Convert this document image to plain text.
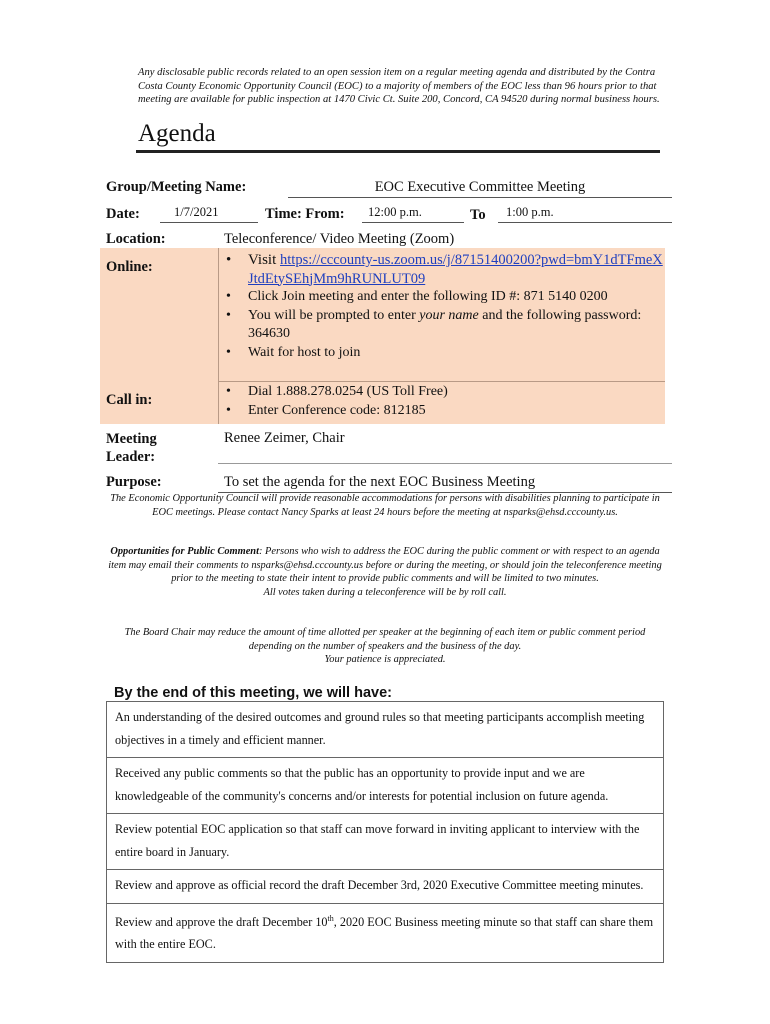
Any disclosable public records related to an open session item on a regular meeting agenda and distributed by the Contra Costa County Economic Opportunity Council (EOC) to a majority of members of the EOC less than 96 hours prior to that meeting are available for public inspection at 1470 Civic Ct. Suite 200, Concord, CA 94520 during normal business hours.
Agenda
Group/Meeting Name:	EOC Executive Committee Meeting
Date:	1/7/2021	Time: From:	12:00 p.m.	To	1:00 p.m.
Location:	Teleconference/ Video Meeting (Zoom)
Online:
•	Visit https://cccounty-us.zoom.us/j/87151400200?pwd=bmY1dTFmeXJtdEtySEhjMm9hRUNLUT09
• Click Join meeting and enter the following ID #: 871 5140 0200
• You will be prompted to enter your name and the following password: 364630
• Wait for host to join
Call in:
• Dial 1.888.278.0254 (US Toll Free)
• Enter Conference code: 812185
Meeting Leader:
Renee Zeimer, Chair
Purpose:	To set the agenda for the next EOC Business Meeting
The Economic Opportunity Council will provide reasonable accommodations for persons with disabilities planning to participate in EOC meetings. Please contact Nancy Sparks at least 24 hours before the meeting at nsparks@ehsd.cccounty.us.
Opportunities for Public Comment: Persons who wish to address the EOC during the public comment or with respect to an agenda item may email their comments to nsparks@ehsd.cccounty.us before or during the meeting, or should join the teleconference meeting prior to the meeting to state their intent to provide public comments and will be limited to two minutes.
All votes taken during a teleconference will be by roll call.
The Board Chair may reduce the amount of time allotted per speaker at the beginning of each item or public comment period depending on the number of speakers and the business of the day.
Your patience is appreciated.
By the end of this meeting, we will have:
An understanding of the desired outcomes and ground rules so that meeting participants accomplish meeting objectives in a timely and efficient manner.
Received any public comments so that the public has an opportunity to provide input and we are knowledgeable of the community's concerns and/or interests for potential inclusion on future agenda.
Review potential EOC application so that staff can move forward in inviting applicant to interview with the entire board in January.
Review and approve as official record the draft December 3rd, 2020 Executive Committee meeting minutes.
Review and approve the draft December 10th, 2020 EOC Business meeting minute so that staff can share them with the entire EOC.
